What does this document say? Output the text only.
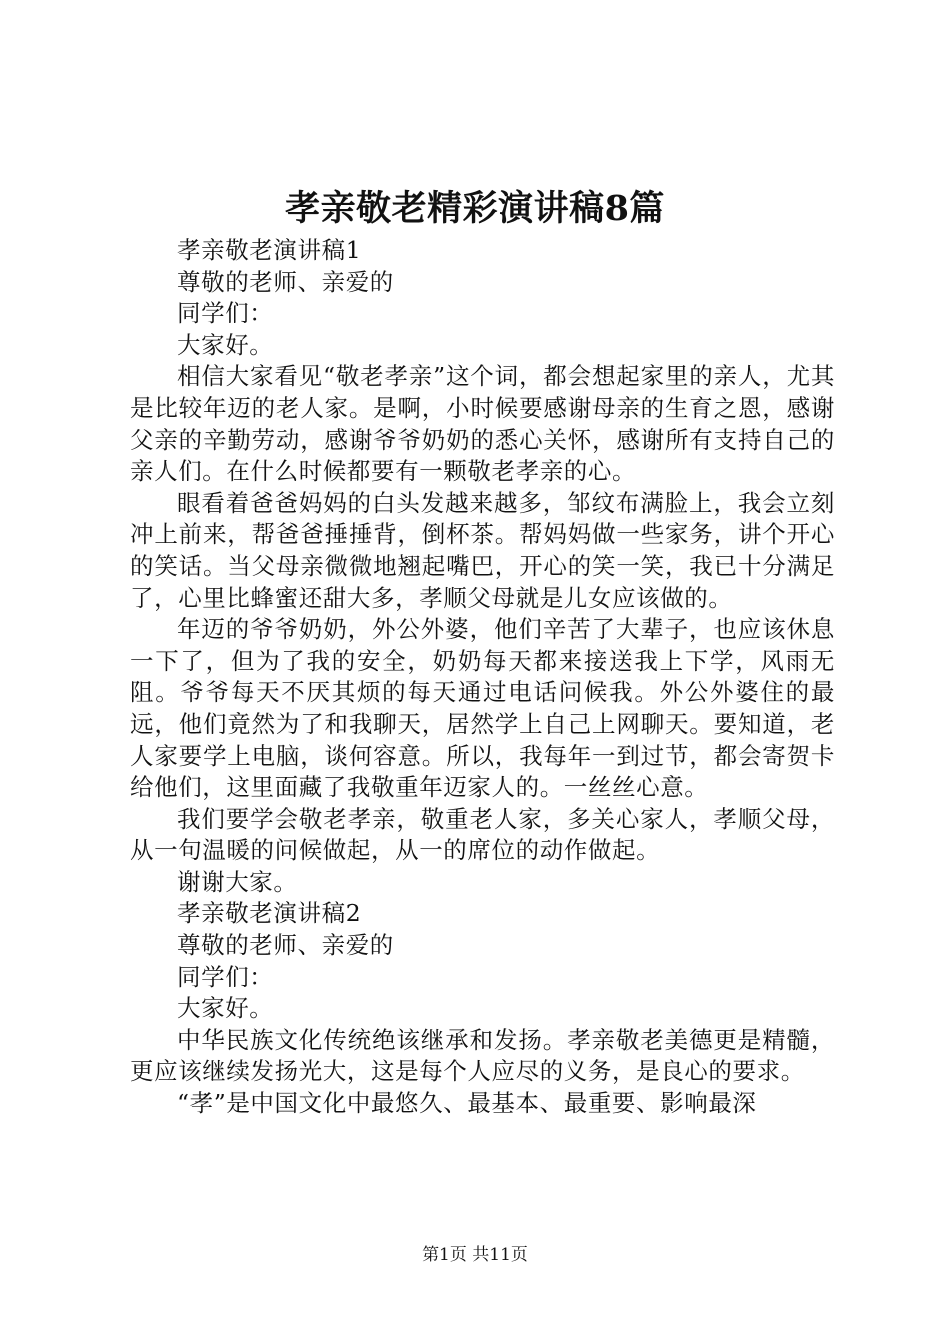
孝亲敬老精彩演讲稿8篇

孝亲敬老演讲稿1

尊敬的老师、亲爱的

同学们：

大家好。

相信大家看见“敬老孝亲”这个词，都会想起家里的亲人，尤其是比较年迈的老人家。是啊，小时候要感谢母亲的生育之恩，感谢父亲的辛勤劳动，感谢爷爷奶奶的悉心关怀，感谢所有支持自己的亲人们。在什么时候都要有一颗敬老孝亲的心。

眼看着爸爸妈妈的白头发越来越多，邹纹布满脸上，我会立刻冲上前来，帮爸爸捶捶背，倒杯茶。帮妈妈做一些家务，讲个开心的笑话。当父母亲微微地翘起嘴巴，开心的笑一笑，我已十分满足了，心里比蜂蜜还甜大多，孝顺父母就是儿女应该做的。

年迈的爷爷奶奶，外公外婆，他们辛苦了大辈子，也应该休息一下了，但为了我的安全，奶奶每天都来接送我上下学，风雨无阻。爷爷每天不厌其烦的每天通过电话问候我。外公外婆住的最远，他们竟然为了和我聊天，居然学上自己上网聊天。要知道，老人家要学上电脑，谈何容意。所以，我每年一到过节，都会寄贺卡给他们，这里面藏了我敬重年迈家人的。一丝丝心意。

我们要学会敬老孝亲，敬重老人家，多关心家人，孝顺父母，从一句温暖的问候做起，从一的席位的动作做起。

谢谢大家。

孝亲敬老演讲稿2

尊敬的老师、亲爱的

同学们：

大家好。

中华民族文化传统绝该继承和发扬。孝亲敬老美德更是精髓，更应该继续发扬光大，这是每个人应尽的义务，是良心的要求。

“孝”是中国文化中最悠久、最基本、最重要、影响最深

第1页 共11页
